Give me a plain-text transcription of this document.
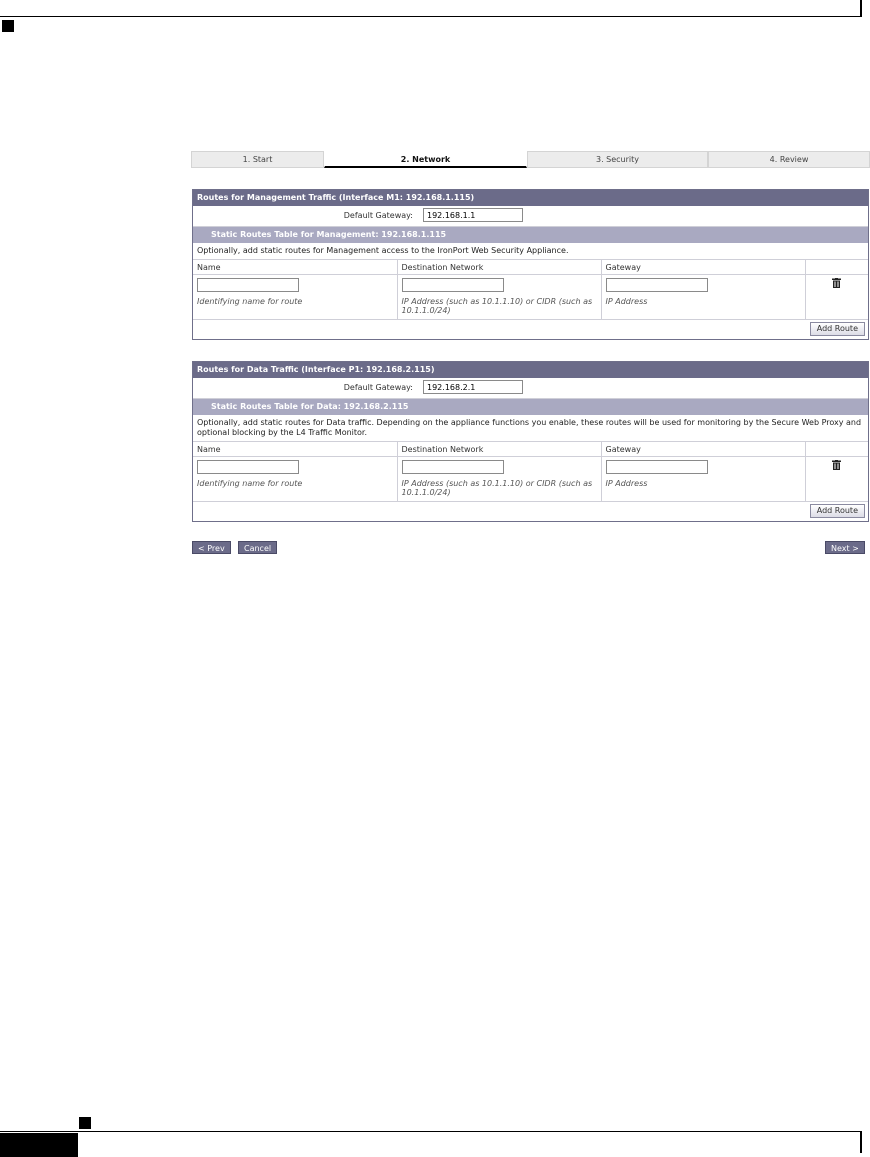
1. Start	2. Network	3. Security	4. Review
Routes for Management Traffic (Interface M1: 192.168.1.115)
Default Gateway:
192.168.1.1
Static Routes Table for Management: 192.168.1.115
Optionally, add static routes for Management access to the IronPort Web Security Appliance.
Name	Destination Network	Gateway	

Identifying name for route	IP Address (such as 10.1.1.10) or CIDR (such as 10.1.1.0/24)	IP Address

Add Route
Routes for Data Traffic (Interface P1: 192.168.2.115)
Default Gateway:
192.168.2.1
Static Routes Table for Data: 192.168.2.115
Optionally, add static routes for Data traffic. Depending on the appliance functions you enable, these routes will be used for monitoring by the Secure Web Proxy and optional blocking by the L4 Traffic Monitor.
Name	Destination Network	Gateway	

Identifying name for route	IP Address (such as 10.1.1.10) or CIDR (such as 10.1.1.0/24)	IP Address

Add Route
< Prev	Cancel	Next >
